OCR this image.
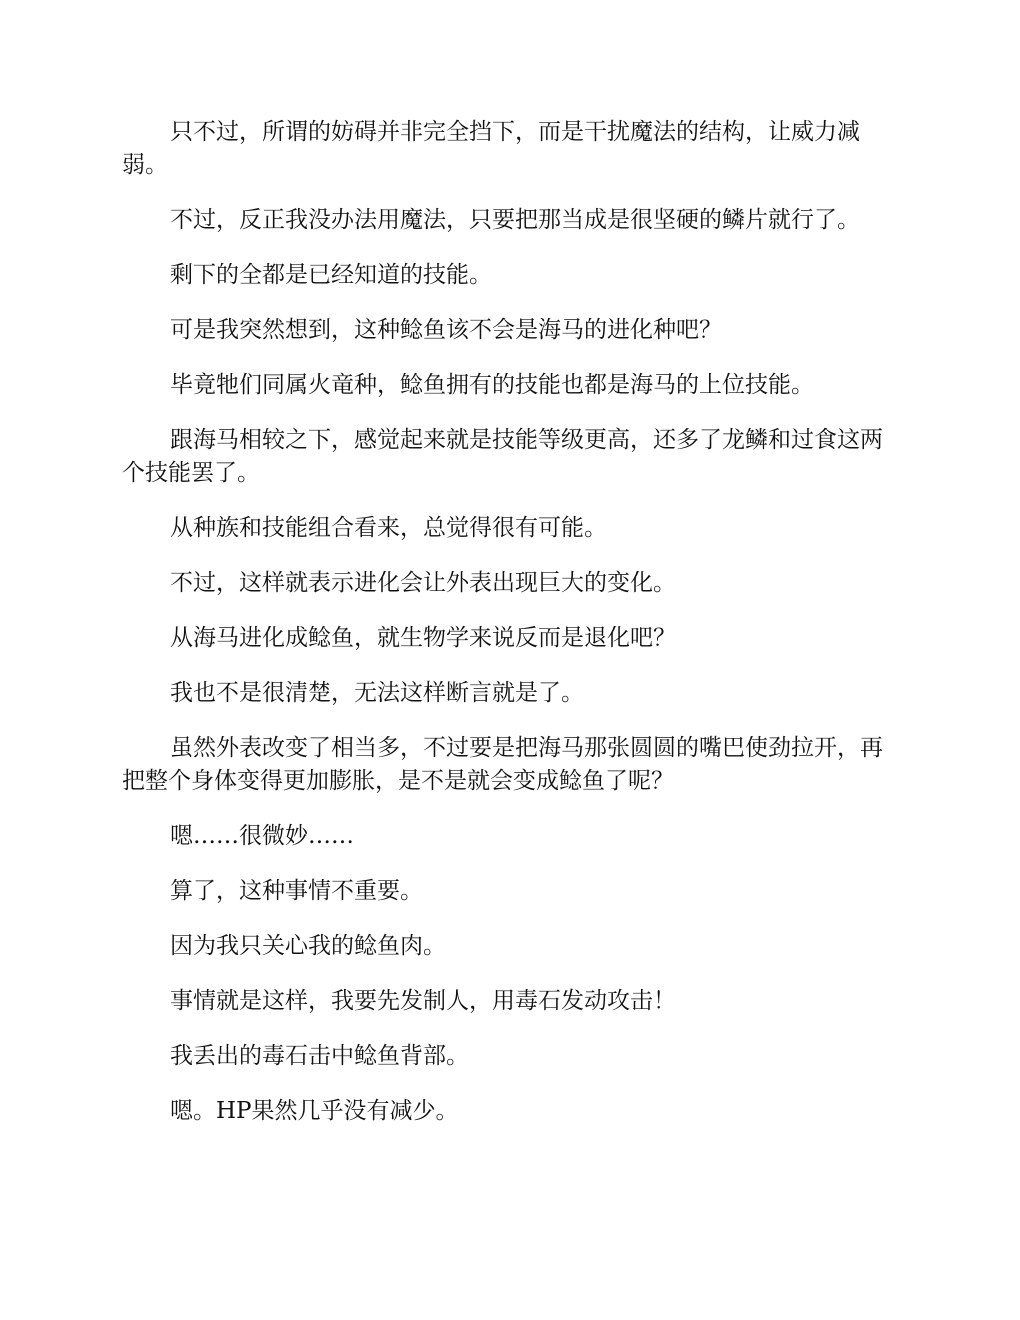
只不过，所谓的妨碍并非完全挡下，而是干扰魔法的结构，让威力减弱。

不过，反正我没办法用魔法，只要把那当成是很坚硬的鳞片就行了。

剩下的全都是已经知道的技能。

可是我突然想到，这种鲶鱼该不会是海马的进化种吧？

毕竟牠们同属火竜种，鲶鱼拥有的技能也都是海马的上位技能。

跟海马相较之下，感觉起来就是技能等级更高，还多了龙鳞和过食这两个技能罢了。

从种族和技能组合看来，总觉得很有可能。

不过，这样就表示进化会让外表出现巨大的变化。

从海马进化成鲶鱼，就生物学来说反而是退化吧？

我也不是很清楚，无法这样断言就是了。

虽然外表改变了相当多，不过要是把海马那张圆圆的嘴巴使劲拉开，再把整个身体变得更加膨胀，是不是就会变成鲶鱼了呢？

嗯……很微妙……

算了，这种事情不重要。

因为我只关心我的鲶鱼肉。

事情就是这样，我要先发制人，用毒石发动攻击！

我丢出的毒石击中鲶鱼背部。

嗯。HP果然几乎没有减少。
